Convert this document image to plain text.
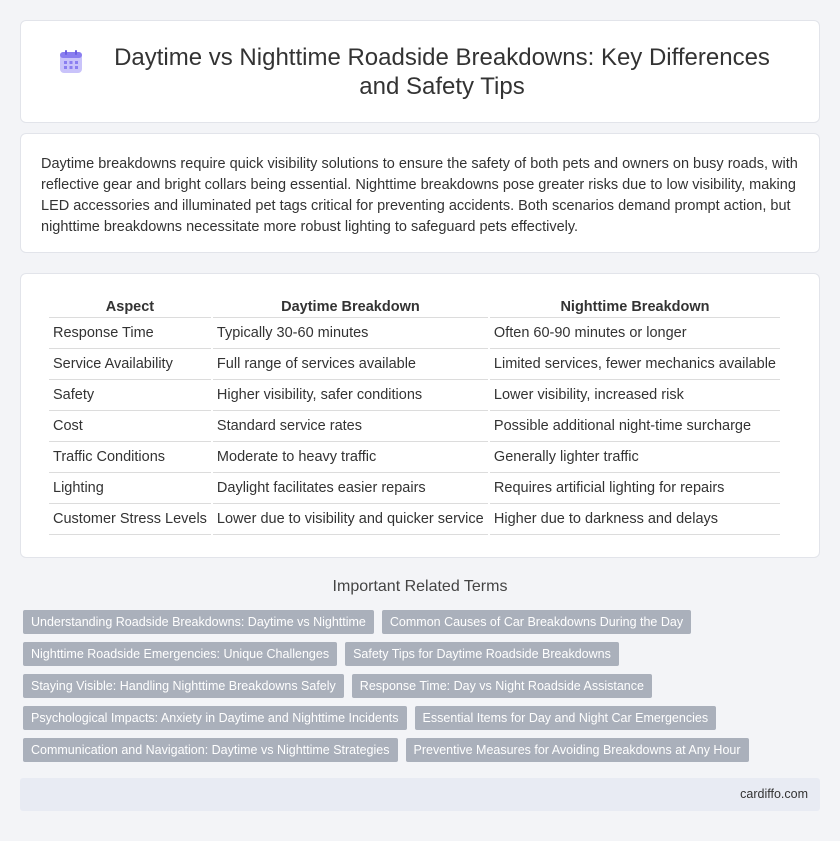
Daytime vs Nighttime Roadside Breakdowns: Key Differences and Safety Tips

Daytime breakdowns require quick visibility solutions to ensure the safety of both pets and owners on busy roads, with reflective gear and bright collars being essential. Nighttime breakdowns pose greater risks due to low visibility, making LED accessories and illuminated pet tags critical for preventing accidents. Both scenarios demand prompt action, but nighttime breakdowns necessitate more robust lighting to safeguard pets effectively.

Aspect	Daytime Breakdown	Nighttime Breakdown
Response Time	Typically 30-60 minutes	Often 60-90 minutes or longer
Service Availability	Full range of services available	Limited services, fewer mechanics available
Safety	Higher visibility, safer conditions	Lower visibility, increased risk
Cost	Standard service rates	Possible additional night-time surcharge
Traffic Conditions	Moderate to heavy traffic	Generally lighter traffic
Lighting	Daylight facilitates easier repairs	Requires artificial lighting for repairs
Customer Stress Levels	Lower due to visibility and quicker service	Higher due to darkness and delays
Important Related Terms
Understanding Roadside Breakdowns: Daytime vs Nighttime	Common Causes of Car Breakdowns During the Day
Nighttime Roadside Emergencies: Unique Challenges	Safety Tips for Daytime Roadside Breakdowns
Staying Visible: Handling Nighttime Breakdowns Safely	Response Time: Day vs Night Roadside Assistance
Psychological Impacts: Anxiety in Daytime and Nighttime Incidents	Essential Items for Day and Night Car Emergencies
Communication and Navigation: Daytime vs Nighttime Strategies	Preventive Measures for Avoiding Breakdowns at Any Hour
cardiffo.com
